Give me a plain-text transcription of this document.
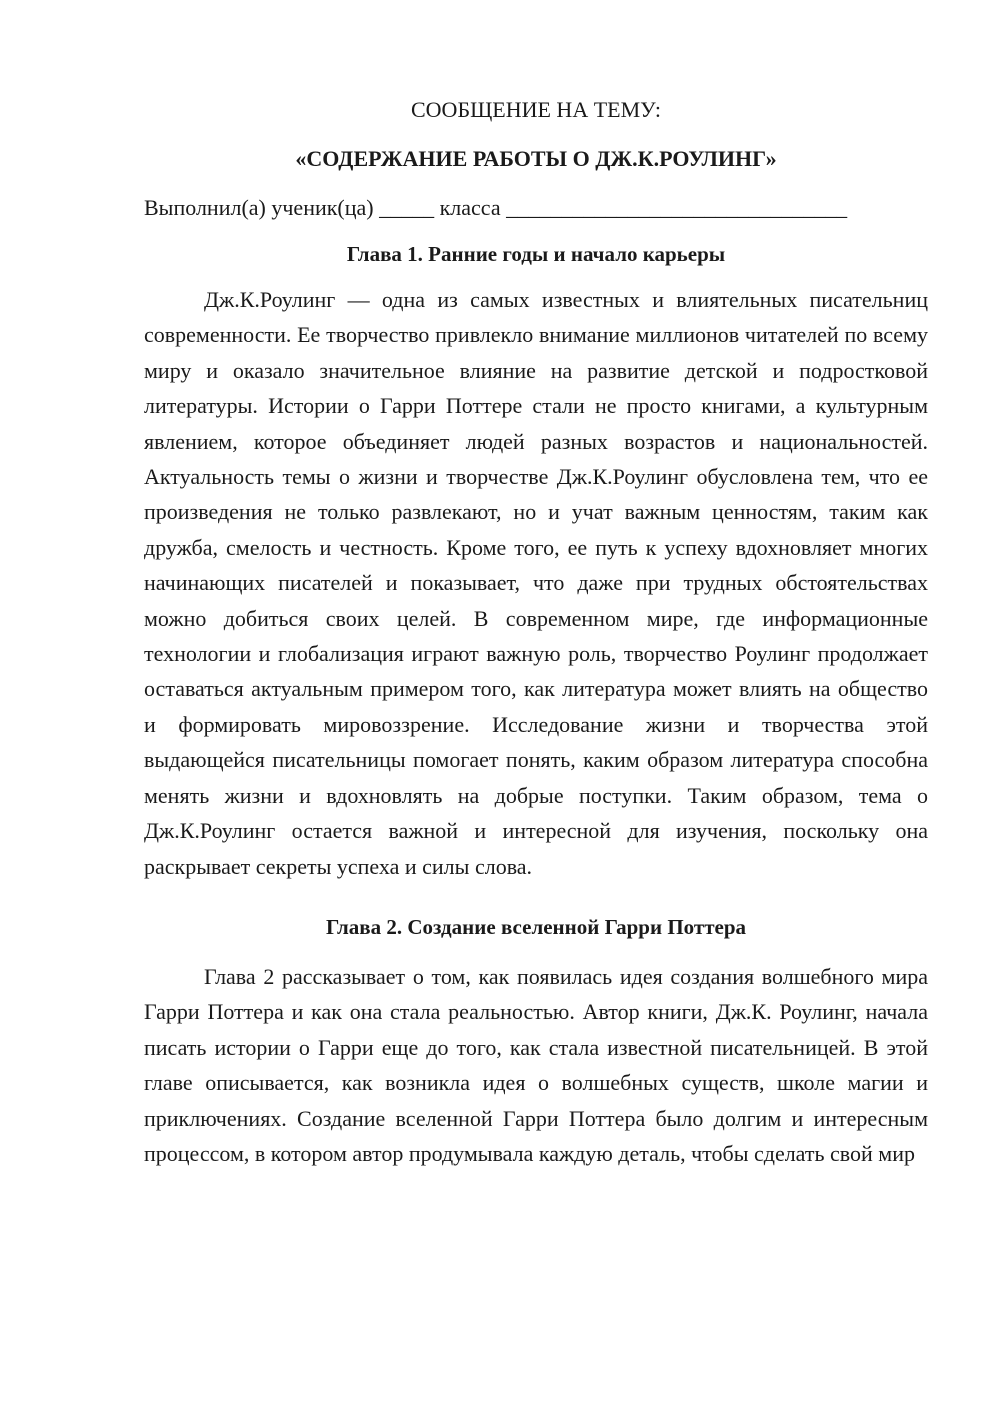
СООБЩЕНИЕ НА ТЕМУ:
«СОДЕРЖАНИЕ РАБОТЫ О ДЖ.К.РОУЛИНГ»
Выполнил(а) ученик(ца) _____ класса _______________________________
Глава 1. Ранние годы и начало карьеры

Дж.К.Роулинг — одна из самых известных и влиятельных писательниц современности. Ее творчество привлекло внимание миллионов читателей по всему миру и оказало значительное влияние на развитие детской и подростковой литературы. Истории о Гарри Поттере стали не просто книгами, а культурным явлением, которое объединяет людей разных возрастов и национальностей. Актуальность темы о жизни и творчестве Дж.К.Роулинг обусловлена тем, что ее произведения не только развлекают, но и учат важным ценностям, таким как дружба, смелость и честность. Кроме того, ее путь к успеху вдохновляет многих начинающих писателей и показывает, что даже при трудных обстоятельствах можно добиться своих целей. В современном мире, где информационные технологии и глобализация играют важную роль, творчество Роулинг продолжает оставаться актуальным примером того, как литература может влиять на общество и формировать мировоззрение. Исследование жизни и творчества этой выдающейся писательницы помогает понять, каким образом литература способна менять жизни и вдохновлять на добрые поступки. Таким образом, тема о Дж.К.Роулинг остается важной и интересной для изучения, поскольку она раскрывает секреты успеха и силы слова.

Глава 2. Создание вселенной Гарри Поттера

Глава 2 рассказывает о том, как появилась идея создания волшебного мира Гарри Поттера и как она стала реальностью. Автор книги, Дж.К. Роулинг, начала писать истории о Гарри еще до того, как стала известной писательницей. В этой главе описывается, как возникла идея о волшебных существ, школе магии и приключениях. Создание вселенной Гарри Поттера было долгим и интересным процессом, в котором автор продумывала каждую деталь, чтобы сделать свой мир
